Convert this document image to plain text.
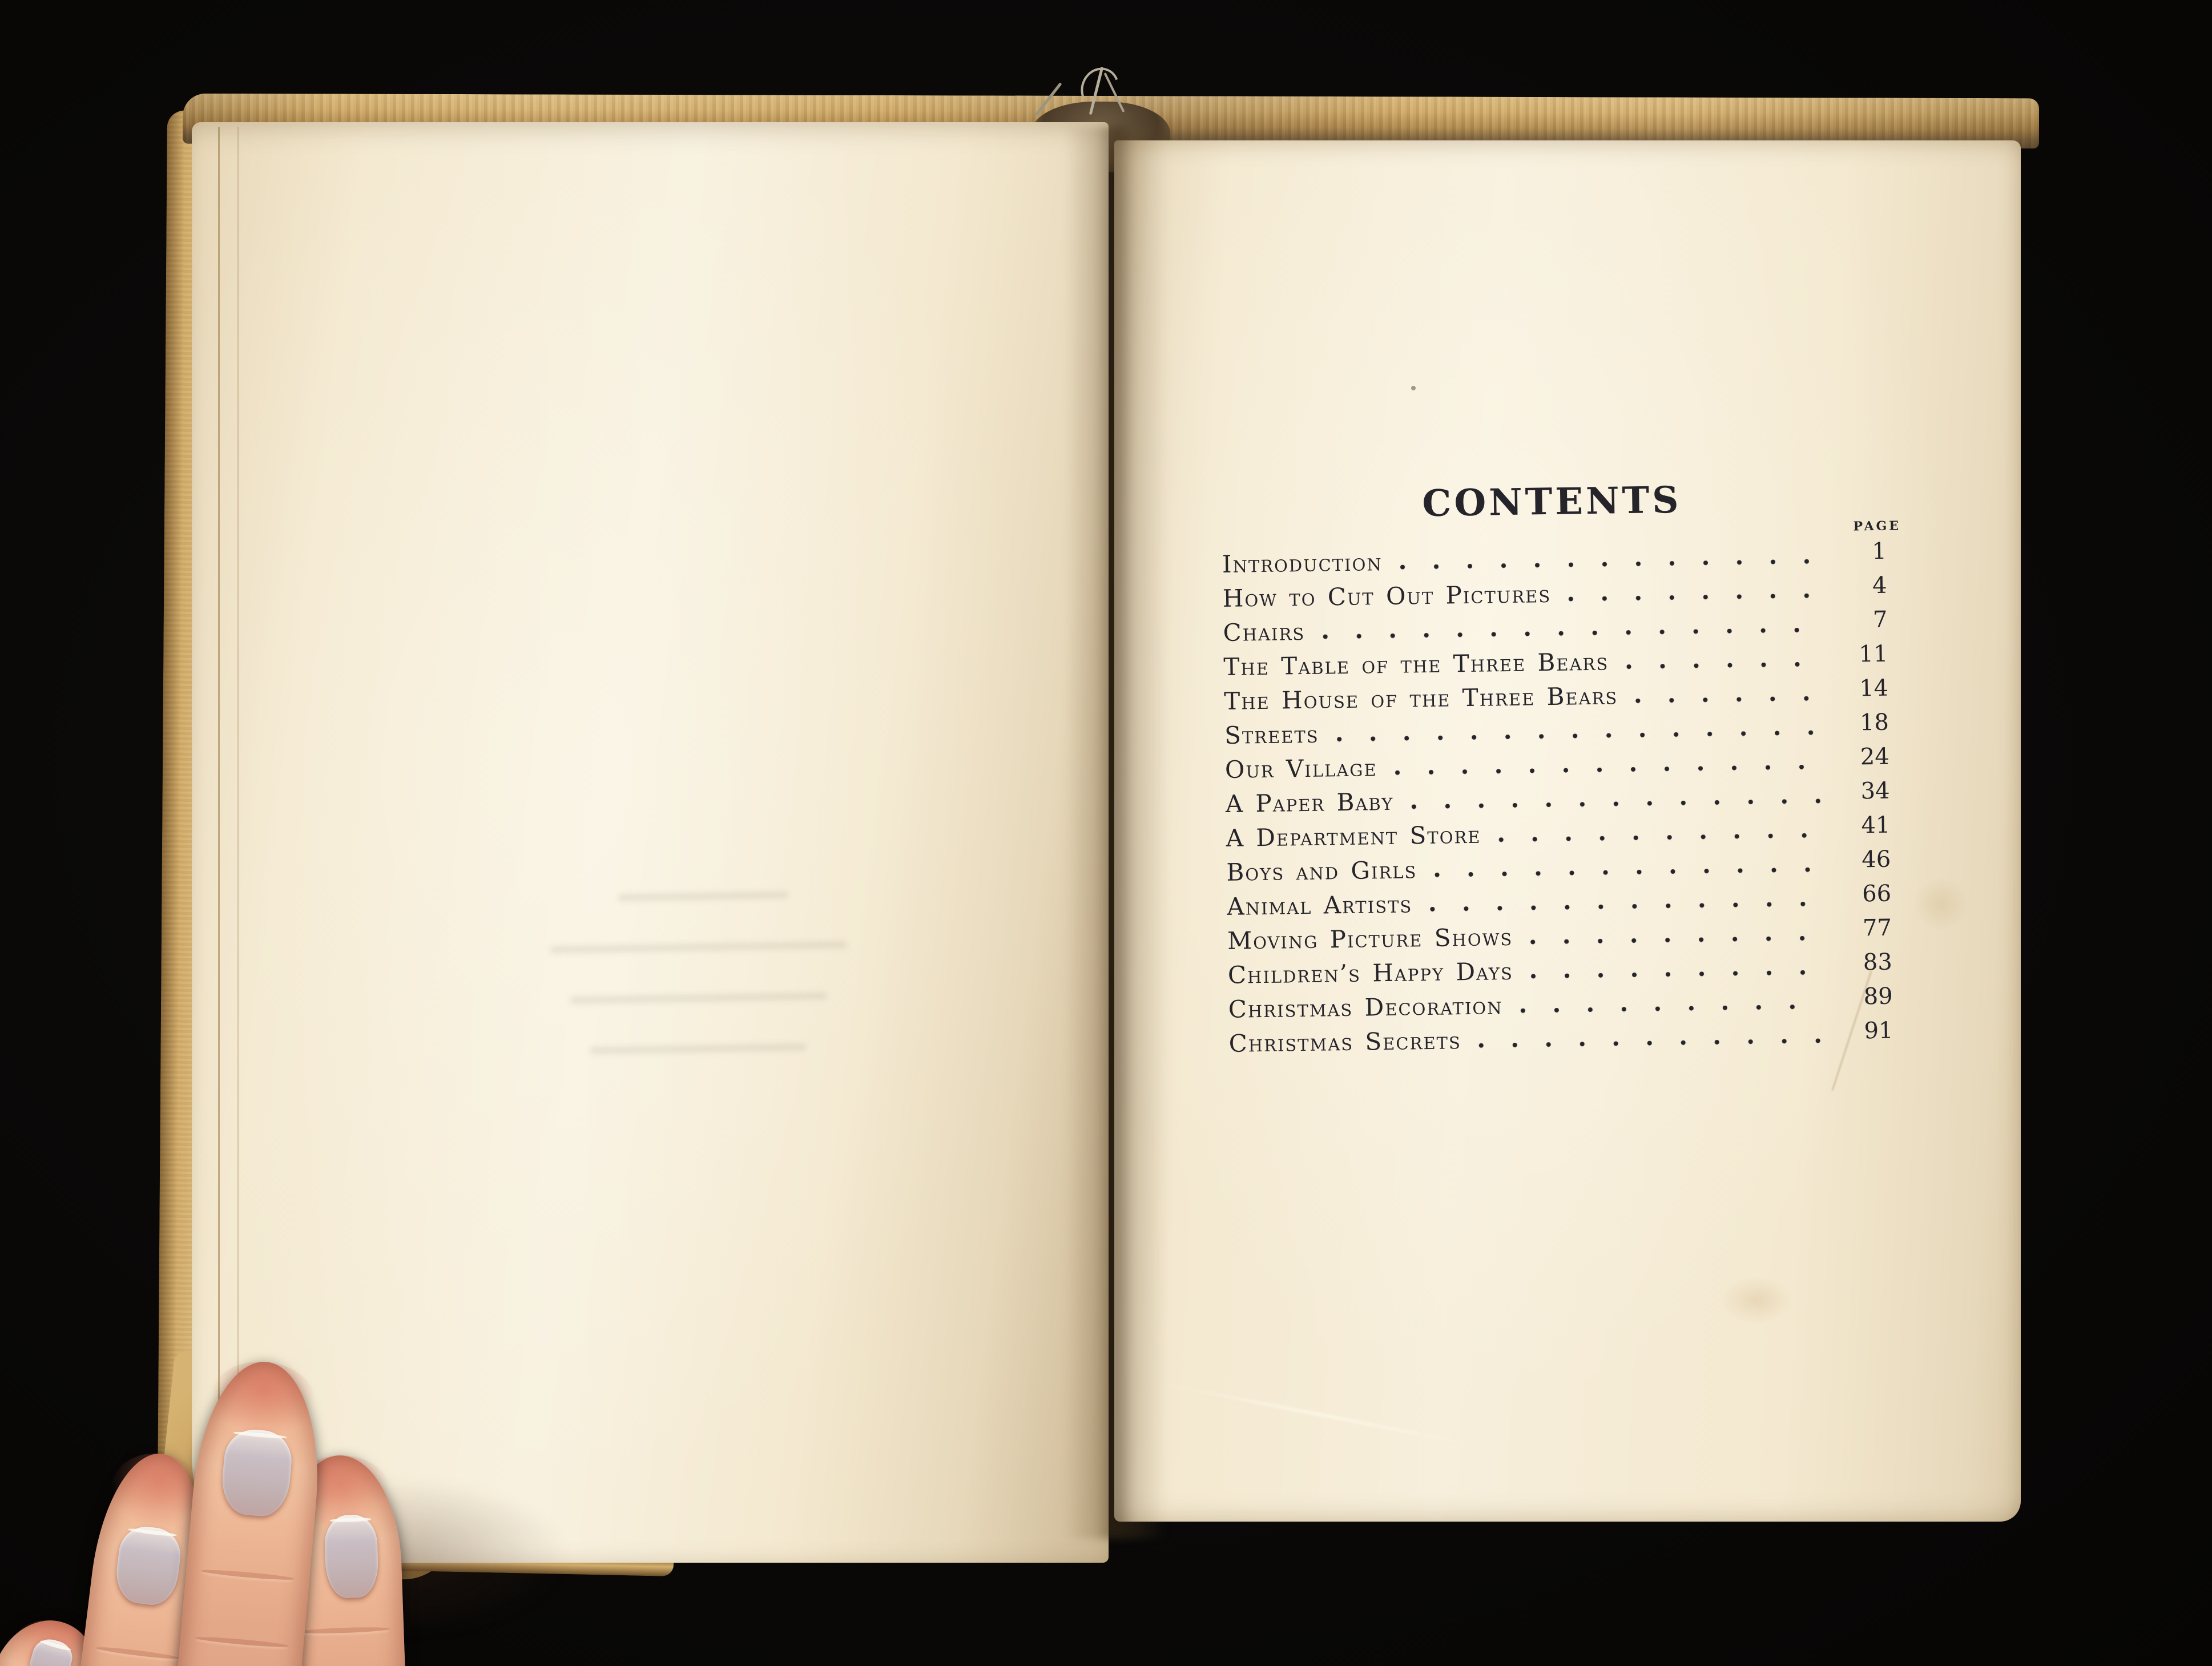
CONTENTS
PAGE
Introduction	1
How to Cut Out Pictures	4
Chairs	7
The Table of the Three Bears	11
The House of the Three Bears	14
Streets	18
Our Village	24
A Paper Baby	34
A Department Store	41
Boys and Girls	46
Animal Artists	66
Moving Picture Shows	77
Children’s Happy Days	83
Christmas Decoration	89
Christmas Secrets	91
